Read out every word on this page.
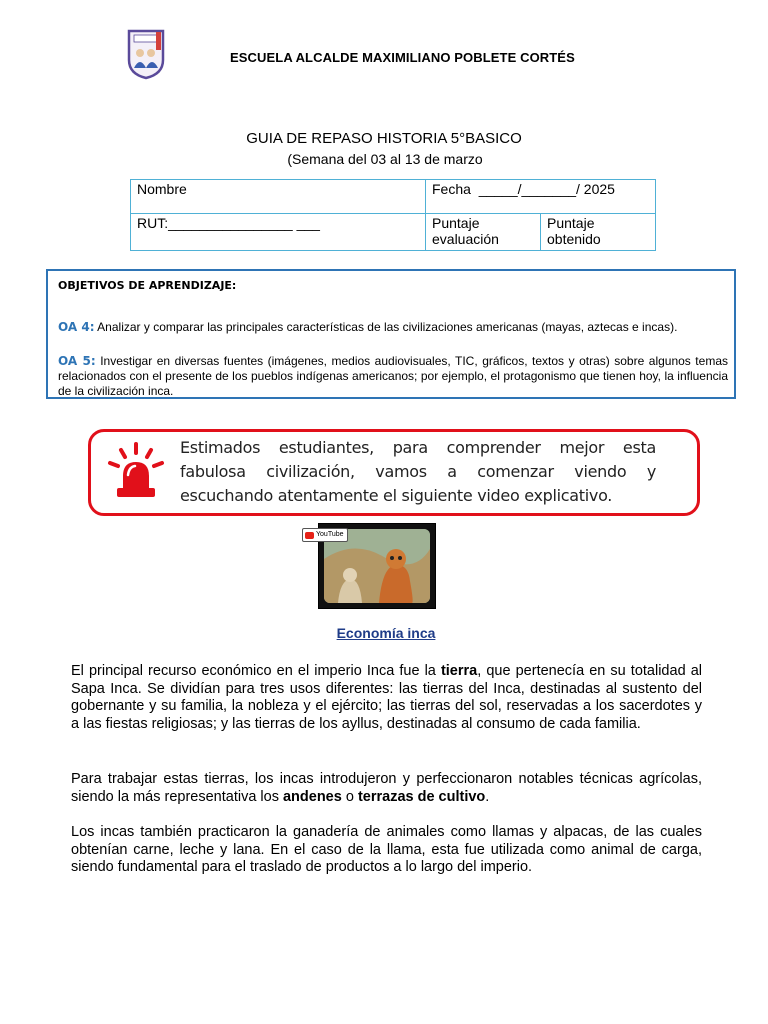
ESCUELA ALCALDE MAXIMILIANO POBLETE CORTÉS
GUIA DE REPASO HISTORIA 5°BASICO
(Semana del 03 al 13 de marzo
Nombre	Fecha  _____/_______/ 2025	
RUT:________________ ___	Puntaje evaluación	Puntaje obtenido
OBJETIVOS DE APRENDIZAJE:
OA 4: Analizar y comparar las principales características de las civilizaciones americanas (mayas, aztecas e incas).
OA 5: Investigar en diversas fuentes (imágenes, medios audiovisuales, TIC, gráficos, textos y otras) sobre algunos temas relacionados con el presente de los pueblos indígenas americanos; por ejemplo, el protagonismo que tienen hoy, la influencia de la civilización inca.
Estimados estudiantes, para comprender mejor esta fabulosa civilización, vamos a comenzar viendo y escuchando atentamente el siguiente video explicativo.
YouTube
Economía inca

El principal recurso económico en el imperio Inca fue la tierra, que pertenecía en su totalidad al Sapa Inca. Se dividían para tres usos diferentes: las tierras del Inca, destinadas al sustento del gobernante y su familia, la nobleza y el ejército; las tierras del sol, reservadas a los sacerdotes y a las fiestas religiosas; y las tierras de los ayllus, destinadas al consumo de cada familia.

Para trabajar estas tierras, los incas introdujeron y perfeccionaron notables técnicas agrícolas, siendo la más representativa los andenes o terrazas de cultivo.

Los incas también practicaron la ganadería de animales como llamas y alpacas, de las cuales obtenían carne, leche y lana. En el caso de la llama, esta fue utilizada como animal de carga, siendo fundamental para el traslado de productos a lo largo del imperio.
